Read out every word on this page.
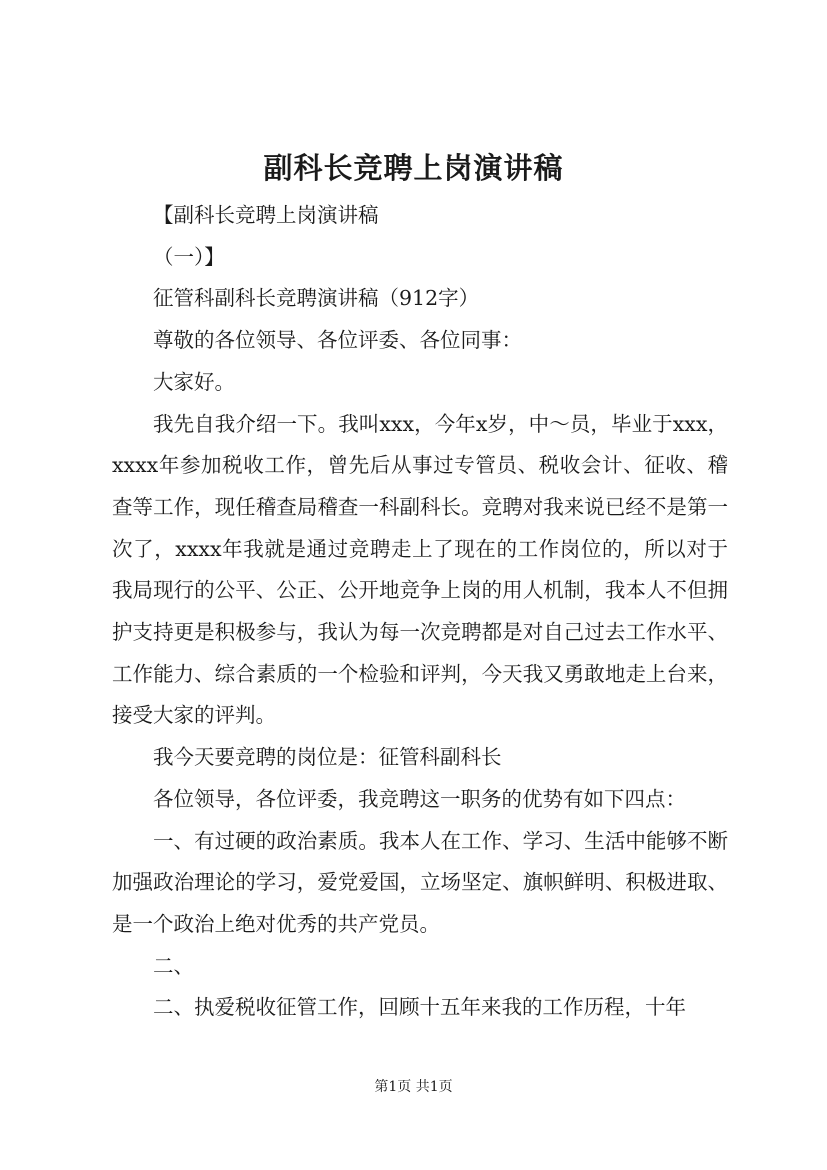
副科长竞聘上岗演讲稿

【副科长竞聘上岗演讲稿

（一）】

征管科副科长竞聘演讲稿（912字）

尊敬的各位领导、各位评委、各位同事：

大家好。

我先自我介绍一下。我叫xxx，今年x岁，中～员，毕业于xxx，xxxx年参加税收工作，曾先后从事过专管员、税收会计、征收、稽查等工作，现任稽查局稽查一科副科长。竞聘对我来说已经不是第一次了，xxxx年我就是通过竞聘走上了现在的工作岗位的，所以对于我局现行的公平、公正、公开地竞争上岗的用人机制，我本人不但拥护支持更是积极参与，我认为每一次竞聘都是对自己过去工作水平、工作能力、综合素质的一个检验和评判，今天我又勇敢地走上台来，接受大家的评判。

我今天要竞聘的岗位是：征管科副科长

各位领导，各位评委，我竞聘这一职务的优势有如下四点：

一、有过硬的政治素质。我本人在工作、学习、生活中能够不断加强政治理论的学习，爱党爱国，立场坚定、旗帜鲜明、积极进取、是一个政治上绝对优秀的共产党员。

二、

二、执爱税收征管工作，回顾十五年来我的工作历程，十年

第1页 共1页
